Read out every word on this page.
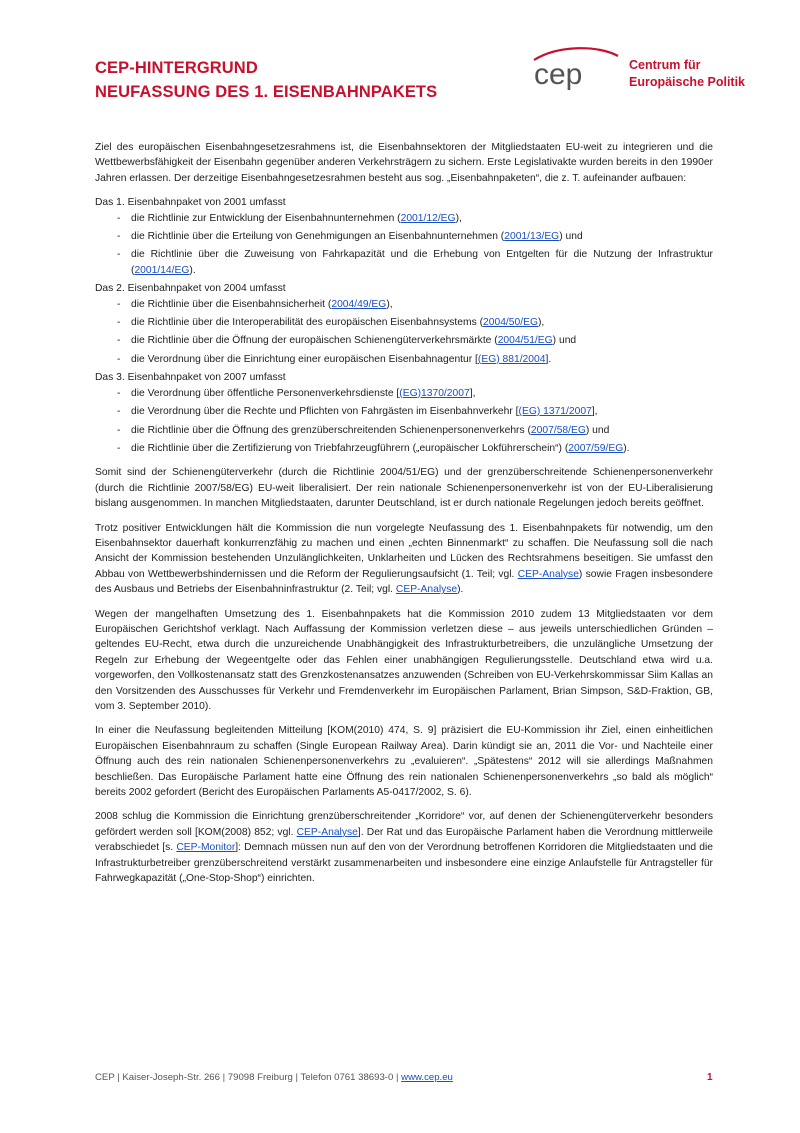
CEP-HINTERGRUND
NEUFASSUNG DES 1. EISENBAHNPAKETS
cep	Centrum für
Europäische Politik

Ziel des europäischen Eisenbahngesetzesrahmens ist, die Eisenbahnsektoren der Mitgliedstaaten EU-weit zu integrieren und die Wettbewerbsfähigkeit der Eisenbahn gegenüber anderen Verkehrsträgern zu sichern. Erste Legislativakte wurden bereits in den 1990er Jahren erlassen. Der derzeitige Eisenbahngesetzesrahmen besteht aus sog. „Eisenbahnpaketen“, die z. T. aufeinander aufbauen:

Das 1. Eisenbahnpaket von 2001 umfasst

- die Richtlinie zur Entwicklung der Eisenbahnunternehmen (2001/12/EG),
- die Richtlinie über die Erteilung von Genehmigungen an Eisenbahnunternehmen (2001/13/EG) und
- die Richtlinie über die Zuweisung von Fahrkapazität und die Erhebung von Entgelten für die Nutzung der Infrastruktur (2001/14/EG).

Das 2. Eisenbahnpaket von 2004 umfasst

- die Richtlinie über die Eisenbahnsicherheit (2004/49/EG),
- die Richtlinie über die Interoperabilität des europäischen Eisenbahnsystems (2004/50/EG),
- die Richtlinie über die Öffnung der europäischen Schienengüterverkehrsmärkte (2004/51/EG) und
- die Verordnung über die Einrichtung einer europäischen Eisenbahnagentur [(EG) 881/2004].

Das 3. Eisenbahnpaket von 2007 umfasst

- die Verordnung über öffentliche Personenverkehrsdienste [(EG)1370/2007],
- die Verordnung über die Rechte und Pflichten von Fahrgästen im Eisenbahnverkehr [(EG) 1371/2007],
- die Richtlinie über die Öffnung des grenzüberschreitenden Schienenpersonenverkehrs (2007/58/EG) und
- die Richtlinie über die Zertifizierung von Triebfahrzeugführern („europäischer Lokführerschein“) (2007/59/EG).

Somit sind der Schienengüterverkehr (durch die Richtlinie 2004/51/EG) und der grenzüberschreitende Schienenpersonenverkehr (durch die Richtlinie 2007/58/EG) EU-weit liberalisiert. Der rein nationale Schienenpersonenverkehr ist von der EU-Liberalisierung bislang ausgenommen. In manchen Mitgliedstaaten, darunter Deutschland, ist er durch nationale Regelungen jedoch bereits geöffnet.

Trotz positiver Entwicklungen hält die Kommission die nun vorgelegte Neufassung des 1. Eisenbahnpakets für notwendig, um den Eisenbahnsektor dauerhaft konkurrenzfähig zu machen und einen „echten Binnenmarkt“ zu schaffen. Die Neufassung soll die nach Ansicht der Kommission bestehenden Unzulänglichkeiten, Unklarheiten und Lücken des Rechtsrahmens beseitigen. Sie umfasst den Abbau von Wettbewerbshindernissen und die Reform der Regulierungsaufsicht (1. Teil; vgl. CEP-Analyse) sowie Fragen insbesondere des Ausbaus und Betriebs der Eisenbahninfrastruktur (2. Teil; vgl. CEP-Analyse).

Wegen der mangelhaften Umsetzung des 1. Eisenbahnpakets hat die Kommission 2010 zudem 13 Mitgliedstaaten vor dem Europäischen Gerichtshof verklagt. Nach Auffassung der Kommission verletzen diese – aus jeweils unterschiedlichen Gründen – geltendes EU-Recht, etwa durch die unzureichende Unabhängigkeit des Infrastrukturbetreibers, die unzulängliche Umsetzung der Regeln zur Erhebung der Wegeentgelte oder das Fehlen einer unabhängigen Regulierungsstelle. Deutschland etwa wird u.a. vorgeworfen, den Vollkostenansatz statt des Grenzkostenansatzes anzuwenden (Schreiben von EU-Verkehrskommissar Siim Kallas an den Vorsitzenden des Ausschusses für Verkehr und Fremdenverkehr im Europäischen Parlament, Brian Simpson, S&D-Fraktion, GB, vom 3. September 2010).

In einer die Neufassung begleitenden Mitteilung [KOM(2010) 474, S. 9] präzisiert die EU-Kommission ihr Ziel, einen einheitlichen Europäischen Eisenbahnraum zu schaffen (Single European Railway Area). Darin kündigt sie an, 2011 die Vor- und Nachteile einer Öffnung auch des rein nationalen Schienenpersonenverkehrs zu „evaluieren“. „Spätestens“ 2012 will sie allerdings Maßnahmen beschließen. Das Europäische Parlament hatte eine Öffnung des rein nationalen Schienenpersonenverkehrs „so bald als möglich“ bereits 2002 gefordert (Bericht des Europäischen Parlaments A5-0417/2002, S. 6).

2008 schlug die Kommission die Einrichtung grenzüberschreitender „Korridore“ vor, auf denen der Schienengüterverkehr besonders gefördert werden soll [KOM(2008) 852; vgl. CEP-Analyse]. Der Rat und das Europäische Parlament haben die Verordnung mittlerweile verabschiedet [s. CEP-Monitor]: Demnach müssen nun auf den von der Verordnung betroffenen Korridoren die Mitgliedstaaten und die Infrastrukturbetreiber grenzüberschreitend verstärkt zusammenarbeiten und insbesondere eine einzige Anlaufstelle für Antragsteller für Fahrwegkapazität („One-Stop-Shop“) einrichten.

CEP | Kaiser-Joseph-Str. 266 | 79098 Freiburg | Telefon 0761 38693-0 | www.cep.eu	1
